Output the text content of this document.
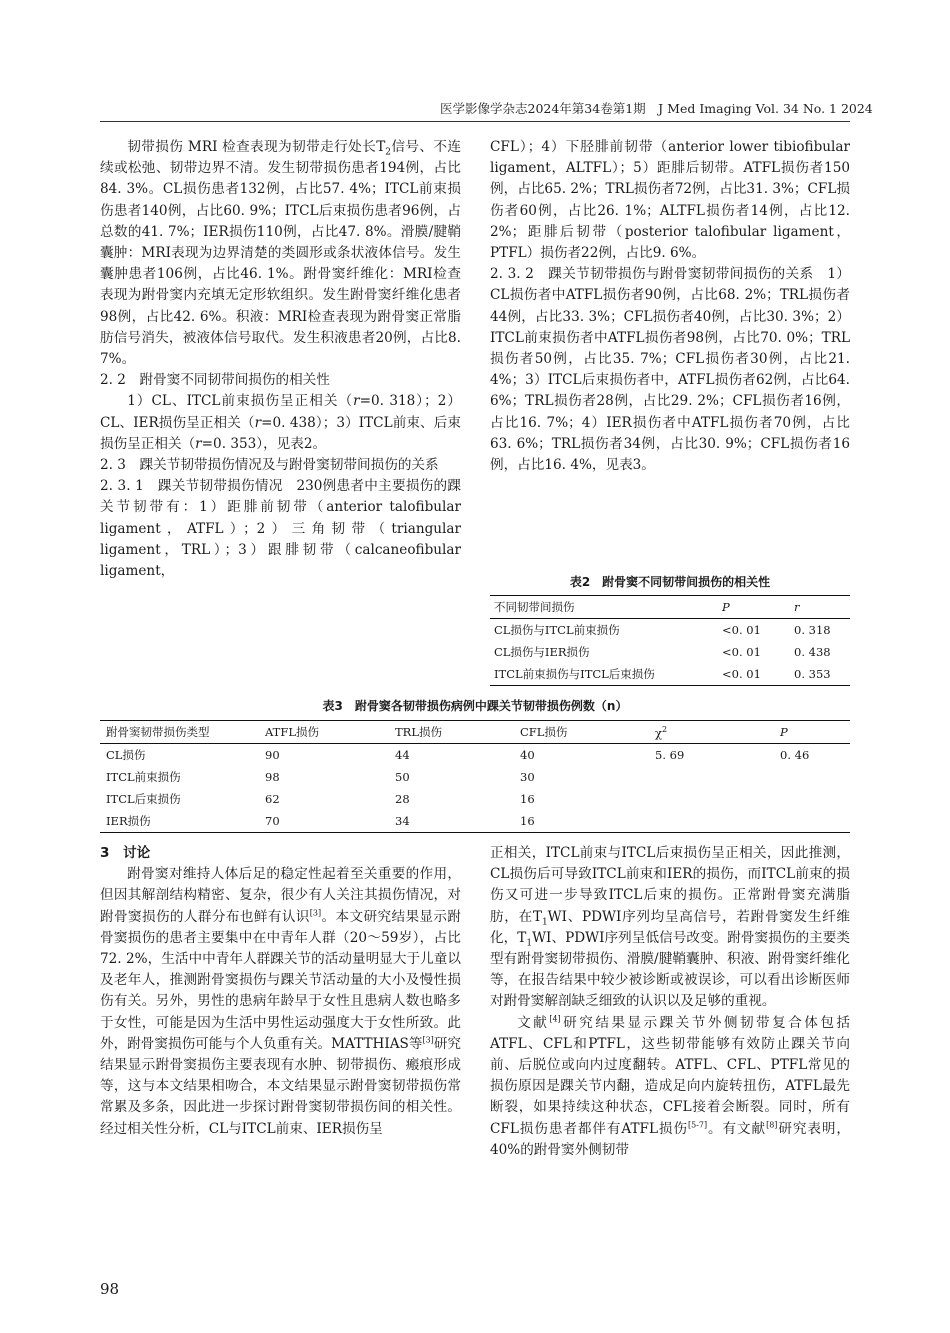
医学影像学杂志2024年第34卷第1期  J Med Imaging Vol. 34 No. 1 2024

韧带损伤 MRI 检查表现为韧带走行处长$T_2$信号、不连续或松弛、韧带边界不清。发生韧带损伤患者194例，占比84. 3%。CL损伤患者132例，占比57. 4%；ITCL前束损伤患者140例，占比60. 9%；ITCL后束损伤患者96例，占总数的41. 7%；IER损伤110例，占比47. 8%。滑膜/腱鞘囊肿：MRI表现为边界清楚的类圆形或条状液体信号。发生囊肿患者106例，占比46. 1%。跗骨窦纤维化：MRI检查表现为跗骨窦内充填无定形软组织。发生跗骨窦纤维化患者98例，占比42. 6%。积液：MRI检查表现为跗骨窦正常脂肪信号消失，被液体信号取代。发生积液患者20例，占比8. 7%。

2. 2　跗骨窦不同韧带间损伤的相关性

1）CL、ITCL前束损伤呈正相关（r=0. 318）；2）CL、IER损伤呈正相关（r=0. 438）；3）ITCL前束、后束损伤呈正相关（r=0. 353），见表2。

2. 3　踝关节韧带损伤情况及与跗骨窦韧带间损伤的关系

2. 3. 1　踝关节韧带损伤情况　230例患者中主要损伤的踝关节韧带有：1）距腓前韧带（anterior talofibular ligament，ATFL）；2）三角韧带（triangular ligament，TRL）；3）跟腓韧带（calcaneofibular ligament，

CFL）；4）下胫腓前韧带（anterior lower tibiofibular ligament，ALTFL）；5）距腓后韧带。ATFL损伤者150例，占比65. 2%；TRL损伤者72例，占比31. 3%；CFL损伤者60例，占比26. 1%；ALTFL损伤者14例，占比12. 2%；距腓后韧带（posterior talofibular ligament，PTFL）损伤者22例，占比9. 6%。

2. 3. 2　踝关节韧带损伤与跗骨窦韧带间损伤的关系　1）CL损伤者中ATFL损伤者90例，占比68. 2%；TRL损伤者44例，占比33. 3%；CFL损伤者40例，占比30. 3%；2）ITCL前束损伤者中ATFL损伤者98例，占比70. 0%；TRL损伤者50例，占比35. 7%；CFL损伤者30例，占比21. 4%；3）ITCL后束损伤者中，ATFL损伤者62例，占比64. 6%；TRL损伤者28例，占比29. 2%；CFL损伤者16例，占比16. 7%；4）IER损伤者中ATFL损伤者70例，占比63. 6%；TRL损伤者34例，占比30. 9%；CFL损伤者16例，占比16. 4%，见表3。

表2　跗骨窦不同韧带间损伤的相关性
不同韧带间损伤	P	r
CL损伤与ITCL前束损伤	<0. 01	0. 318
CL损伤与IER损伤	<0. 01	0. 438
ITCL前束损伤与ITCL后束损伤	<0. 01	0. 353
表3　跗骨窦各韧带损伤病例中踝关节韧带损伤例数（n）
跗骨窦韧带损伤类型	ATFL损伤	TRL损伤	CFL损伤	$\chi^2$	P
CL损伤	90	44	40	5. 69	0. 46
ITCL前束损伤	98	50	30		
ITCL后束损伤	62	28	16		
IER损伤	70	34	16		

3　讨论

跗骨窦对维持人体后足的稳定性起着至关重要的作用，但因其解剖结构精密、复杂，很少有人关注其损伤情况，对跗骨窦损伤的人群分布也鲜有认识[3]。本文研究结果显示跗骨窦损伤的患者主要集中在中青年人群（20～59岁），占比72. 2%，生活中中青年人群踝关节的活动量明显大于儿童以及老年人，推测跗骨窦损伤与踝关节活动量的大小及慢性损伤有关。另外，男性的患病年龄早于女性且患病人数也略多于女性，可能是因为生活中男性运动强度大于女性所致。此外，跗骨窦损伤可能与个人负重有关。MATTHIAS等[3]研究结果显示跗骨窦损伤主要表现有水肿、韧带损伤、瘢痕形成等，这与本文结果相吻合，本文结果显示跗骨窦韧带损伤常常累及多条，因此进一步探讨跗骨窦韧带损伤间的相关性。经过相关性分析，CL与ITCL前束、IER损伤呈

正相关，ITCL前束与ITCL后束损伤呈正相关，因此推测，CL损伤后可导致ITCL前束和IER的损伤，而ITCL前束的损伤又可进一步导致ITCL后束的损伤。正常跗骨窦充满脂肪，在$T_1WI$、PDWI序列均呈高信号，若跗骨窦发生纤维化，$T_1WI$、PDWI序列呈低信号改变。跗骨窦损伤的主要类型有跗骨窦韧带损伤、滑膜/腱鞘囊肿、积液、跗骨窦纤维化等，在报告结果中较少被诊断或被误诊，可以看出诊断医师对跗骨窦解剖缺乏细致的认识以及足够的重视。

文献[4]研究结果显示踝关节外侧韧带复合体包括ATFL、CFL和PTFL，这些韧带能够有效防止踝关节向前、后脱位或向内过度翻转。ATFL、CFL、PTFL常见的损伤原因是踝关节内翻，造成足向内旋转扭伤，ATFL最先断裂，如果持续这种状态，CFL接着会断裂。同时，所有CFL损伤患者都伴有ATFL损伤[5-7]。有文献[8]研究表明，40%的跗骨窦外侧韧带

98
